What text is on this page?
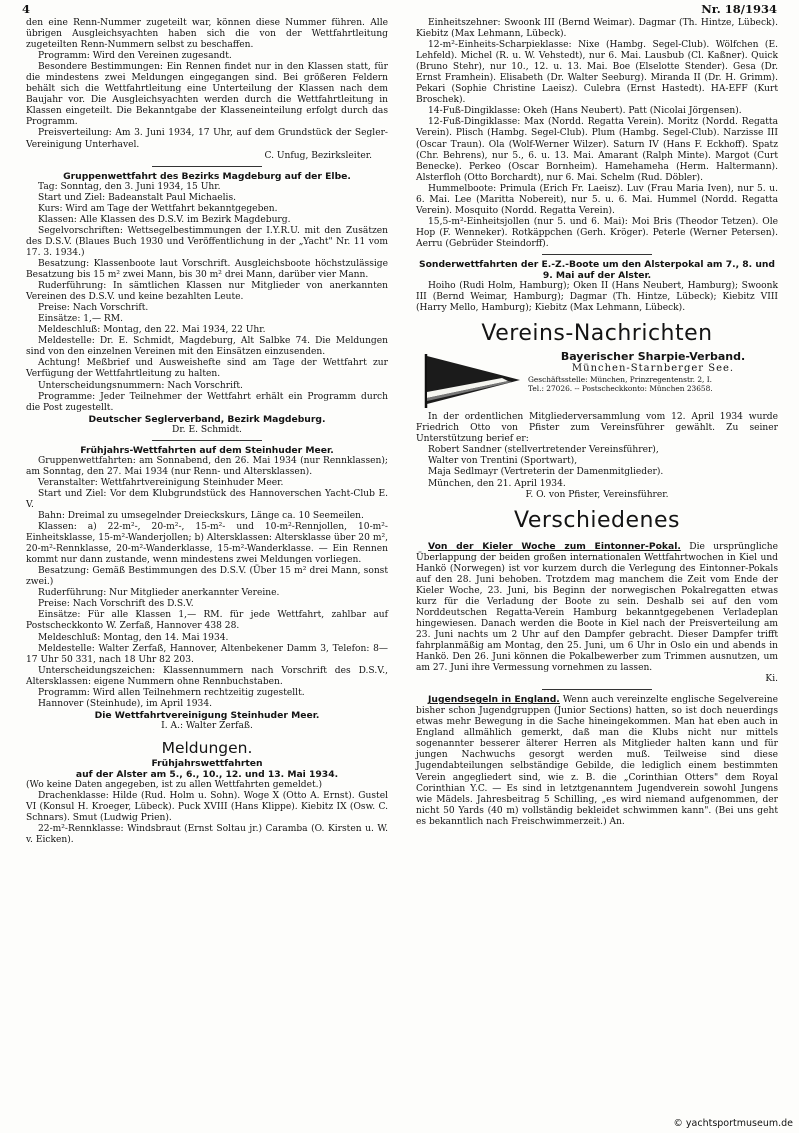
4	Nr. 18/1934

den eine Renn-Nummer zugeteilt war, können diese Nummer führen. Alle übrigen Ausgleichsyachten haben sich die von der Wettfahrtleitung zugeteilten Renn-Nummern selbst zu beschaffen.

Programm: Wird den Vereinen zugesandt.

Besondere Bestimmungen: Ein Rennen findet nur in den Klassen statt, für die mindestens zwei Meldungen eingegangen sind. Bei größeren Feldern behält sich die Wettfahrtleitung eine Unterteilung der Klassen nach dem Baujahr vor. Die Ausgleichsyachten werden durch die Wettfahrtleitung in Klassen eingeteilt. Die Bekanntgabe der Klasseneinteilung erfolgt durch das Programm.

Preisverteilung: Am 3. Juni 1934, 17 Uhr, auf dem Grundstück der Segler-Vereinigung Unterhavel.

C. Unfug, Bezirksleiter.

Gruppenwettfahrt des Bezirks Magdeburg auf der Elbe.

Tag: Sonntag, den 3. Juni 1934, 15 Uhr.

Start und Ziel: Badeanstalt Paul Michaelis.

Kurs: Wird am Tage der Wettfahrt bekanntgegeben.

Klassen: Alle Klassen des D.S.V. im Bezirk Magdeburg.

Segelvorschriften: Wettsegelbestimmungen der I.Y.R.U. mit den Zusätzen des D.S.V. (Blaues Buch 1930 und Veröffentlichung in der „Yacht" Nr. 11 vom 17. 3. 1934.)

Besatzung: Klassenboote laut Vorschrift. Ausgleichsboote höchstzulässige Besatzung bis 15 m² zwei Mann, bis 30 m² drei Mann, darüber vier Mann.

Ruderführung: In sämtlichen Klassen nur Mitglieder von anerkannten Vereinen des D.S.V. und keine bezahlten Leute.

Preise: Nach Vorschrift.

Einsätze: 1,— RM.

Meldeschluß: Montag, den 22. Mai 1934, 22 Uhr.

Meldestelle: Dr. E. Schmidt, Magdeburg, Alt Salbke 74. Die Meldungen sind von den einzelnen Vereinen mit den Einsätzen einzusenden.

Achtung! Meßbrief und Ausweishefte sind am Tage der Wettfahrt zur Verfügung der Wettfahrtleitung zu halten.

Unterscheidungsnummern: Nach Vorschrift.

Programme: Jeder Teilnehmer der Wettfahrt erhält ein Programm durch die Post zugestellt.

Deutscher Seglerverband, Bezirk Magdeburg.

Dr. E. Schmidt.

Frühjahrs-Wettfahrten auf dem Steinhuder Meer.

Gruppenwettfahrten: am Sonnabend, den 26. Mai 1934 (nur Rennklassen); am Sonntag, den 27. Mai 1934 (nur Renn- und Altersklassen).

Veranstalter: Wettfahrtvereinigung Steinhuder Meer.

Start und Ziel: Vor dem Klubgrundstück des Hannoverschen Yacht-Club E. V.

Bahn: Dreimal zu umsegelnder Dreieckskurs, Länge ca. 10 Seemeilen.

Klassen: a) 22-m²-, 20-m²-, 15-m²- und 10-m²-Rennjollen, 10-m²-Einheitsklasse, 15-m²-Wanderjollen; b) Altersklassen: Altersklasse über 20 m², 20-m²-Rennklasse, 20-m²-Wanderklasse, 15-m²-Wanderklasse. — Ein Rennen kommt nur dann zustande, wenn mindestens zwei Meldungen vorliegen.

Besatzung: Gemäß Bestimmungen des D.S.V. (Über 15 m² drei Mann, sonst zwei.)

Ruderführung: Nur Mitglieder anerkannter Vereine.

Preise: Nach Vorschrift des D.S.V.

Einsätze: Für alle Klassen 1,— RM. für jede Wettfahrt, zahlbar auf Postscheckkonto W. Zerfaß, Hannover 438 28.

Meldeschluß: Montag, den 14. Mai 1934.

Meldestelle: Walter Zerfaß, Hannover, Altenbekener Damm 3, Telefon: 8—17 Uhr 50 331, nach 18 Uhr 82 203.

Unterscheidungszeichen: Klassennummern nach Vorschrift des D.S.V., Altersklassen: eigene Nummern ohne Rennbuchstaben.

Programm: Wird allen Teilnehmern rechtzeitig zugestellt.

Hannover (Steinhude), im April 1934.

Die Wettfahrtvereinigung Steinhuder Meer.

I. A.: Walter Zerfaß.

Meldungen.

Frühjahrswettfahrten

auf der Alster am 5., 6., 10., 12. und 13. Mai 1934.

(Wo keine Daten angegeben, ist zu allen Wettfahrten gemeldet.)

Drachenklasse: Hilde (Rud. Holm u. Sohn). Woge X (Otto A. Ernst). Gustel VI (Konsul H. Kroeger, Lübeck). Puck XVIII (Hans Klippe). Kiebitz IX (Osw. C. Schnars). Smut (Ludwig Prien).

22-m²-Rennklasse: Windsbraut (Ernst Soltau jr.) Caramba (O. Kirsten u. W. v. Eicken).

Einheitszehner: Swoonk III (Bernd Weimar). Dagmar (Th. Hintze, Lübeck). Kiebitz (Max Lehmann, Lübeck).

12-m²-Einheits-Scharpieklasse: Nixe (Hambg. Segel-Club). Wölfchen (E. Lehfeld). Michel (R. u. W. Vehstedt), nur 6. Mai. Lausbub (Cl. Kaßner). Quick (Bruno Stehr), nur 10., 12. u. 13. Mai. Boe (Elselotte Stender). Gesa (Dr. Ernst Framhein). Elisabeth (Dr. Walter Seeburg). Miranda II (Dr. H. Grimm). Pekari (Sophie Christine Laeisz). Culebra (Ernst Hastedt). HA-EFF (Kurt Broschek).

14-Fuß-Dingiklasse: Okeh (Hans Neubert). Patt (Nicolai Jörgensen).

12-Fuß-Dingiklasse: Max (Nordd. Regatta Verein). Moritz (Nordd. Regatta Verein). Plisch (Hambg. Segel-Club). Plum (Hambg. Segel-Club). Narzisse III (Oscar Traun). Ola (Wolf-Werner Wilzer). Saturn IV (Hans F. Eckhoff). Spatz (Chr. Behrens), nur 5., 6. u. 13. Mai. Amarant (Ralph Minte). Margot (Curt Benecke). Perkeo (Oscar Bornheim). Hamehameha (Herm. Haltermann). Alsterfloh (Otto Borchardt), nur 6. Mai. Schelm (Rud. Döbler).

Hummelboote: Primula (Erich Fr. Laeisz). Luv (Frau Maria Iven), nur 5. u. 6. Mai. Lee (Maritta Nobereit), nur 5. u. 6. Mai. Hummel (Nordd. Regatta Verein). Mosquito (Nordd. Regatta Verein).

15,5-m²-Einheitsjollen (nur 5. und 6. Mai): Moi Bris (Theodor Tetzen). Ole Hop (F. Wenneker). Rotkäppchen (Gerh. Kröger). Peterle (Werner Petersen). Aerru (Gebrüder Steindorff).

Sonderwettfahrten der E.-Z.-Boote um den Alsterpokal am 7., 8. und 9. Mai auf der Alster.

Hoiho (Rudi Holm, Hamburg); Oken II (Hans Neubert, Hamburg); Swoonk III (Bernd Weimar, Hamburg); Dagmar (Th. Hintze, Lübeck); Kiebitz VIII (Harry Mello, Hamburg); Kiebitz (Max Lehmann, Lübeck).

Vereins-Nachrichten

Bayerischer Sharpie-Verband.
München-Starnberger See.
Geschäftsstelle: München, Prinzregentenstr. 2, I.
Tel.: 27026. -- Postscheckkonto: München 23658.

In der ordentlichen Mitgliederversammlung vom 12. April 1934 wurde Friedrich Otto von Pfister zum Vereinsführer gewählt. Zu seiner Unterstützung berief er:

Robert Sandner (stellvertretender Vereinsführer),

Walter von Trentini (Sportwart),

Maja Sedlmayr (Vertreterin der Damenmitglieder).

München, den 21. April 1934.

F. O. von Pfister, Vereinsführer.

Verschiedenes

Von der Kieler Woche zum Eintonner-Pokal. Die ursprüngliche Überlappung der beiden großen internationalen Wettfahrtwochen in Kiel und Hankö (Norwegen) ist vor kurzem durch die Verlegung des Eintonner-Pokals auf den 28. Juni behoben. Trotzdem mag manchem die Zeit vom Ende der Kieler Woche, 23. Juni, bis Beginn der norwegischen Pokalregatten etwas kurz für die Verladung der Boote zu sein. Deshalb sei auf den vom Norddeutschen Regatta-Verein Hamburg bekanntgegebenen Verladeplan hingewiesen. Danach werden die Boote in Kiel nach der Preisverteilung am 23. Juni nachts um 2 Uhr auf den Dampfer gebracht. Dieser Dampfer trifft fahrplanmäßig am Montag, den 25. Juni, um 6 Uhr in Oslo ein und abends in Hankö. Den 26. Juni können die Pokalbewerber zum Trimmen ausnutzen, um am 27. Juni ihre Vermessung vornehmen zu lassen.

Ki.

Jugendsegeln in England. Wenn auch vereinzelte englische Segelvereine bisher schon Jugendgruppen (Junior Sections) hatten, so ist doch neuerdings etwas mehr Bewegung in die Sache hineingekommen. Man hat eben auch in England allmählich gemerkt, daß man die Klubs nicht nur mittels sogenannter besserer älterer Herren als Mitglieder halten kann und für jungen Nachwuchs gesorgt werden muß. Teilweise sind diese Jugendabteilungen selbständige Gebilde, die lediglich einem bestimmten Verein angegliedert sind, wie z. B. die „Corinthian Otters" dem Royal Corinthian Y.C. — Es sind in letztgenanntem Jugendverein sowohl Jungens wie Mädels. Jahresbeitrag 5 Schilling, „es wird niemand aufgenommen, der nicht 50 Yards (40 m) vollständig bekleidet schwimmen kann". (Bei uns geht es bekanntlich nach Freischwimmerzeit.) An.

© yachtsportmuseum.de
